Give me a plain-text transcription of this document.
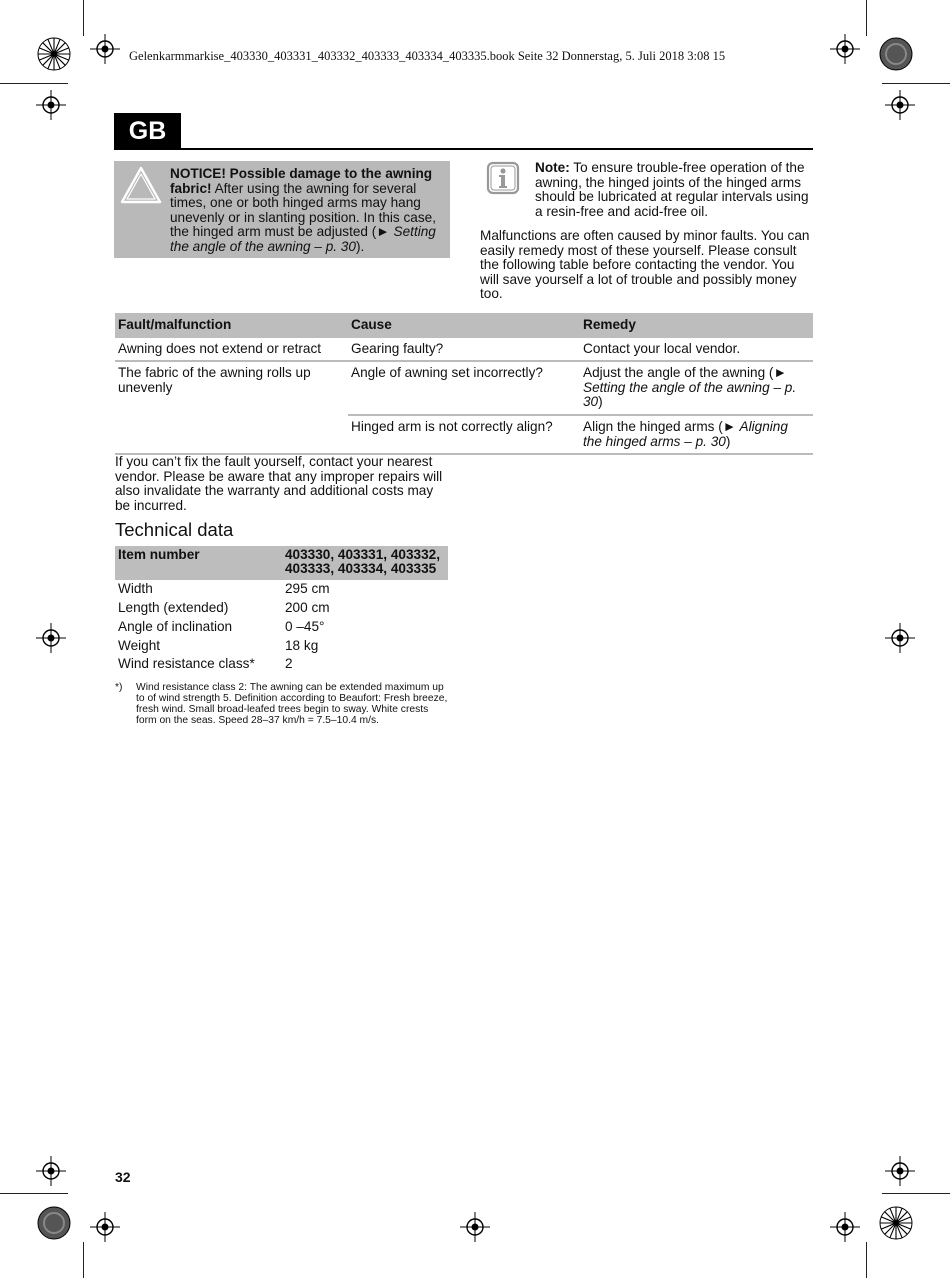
Gelenkarmmarkise_403330_403331_403332_403333_403334_403335.book Seite 32 Donnerstag, 5. Juli 2018 3:08 15
GB
NOTICE! Possible damage to the awning fabric! After using the awning for several times, one or both hinged arms may hang unevenly or in slanting position. In this case, the hinged arm must be adjusted (► Setting the angle of the awning – p. 30).
Note: To ensure trouble-free operation of the awning, the hinged joints of the hinged arms should be lubricated at regular intervals using a resin-free and acid-free oil.
Malfunctions are often caused by minor faults. You can easily remedy most of these yourself. Please consult the following table before contacting the vendor. You will save yourself a lot of trouble and possibly money too.
Fault/malfunction	Cause	Remedy
Awning does not extend or retract	Gearing faulty?	Contact your local vendor.
The fabric of the awning rolls up unevenly	Angle of awning set incorrectly?	Adjust the angle of the awning (► Setting the angle of the awning – p. 30)
	Hinged arm is not correctly align?	Align the hinged arms (► Aligning the hinged arms – p. 30)
If you can’t fix the fault yourself, contact your nearest vendor. Please be aware that any improper repairs will also invalidate the warranty and additional costs may be incurred.
Technical data
Item number	403330, 403331, 403332, 403333, 403334, 403335
Width	295 cm
Length (extended)	200 cm
Angle of inclination	0 –45°
Weight	18 kg
Wind resistance class*	2
*) Wind resistance class 2: The awning can be extended maximum up to of wind strength 5. Definition according to Beaufort: Fresh breeze, fresh wind. Small broad-leafed trees begin to sway. White crests form on the seas. Speed 28–37 km/h = 7.5–10.4 m/s.
32
